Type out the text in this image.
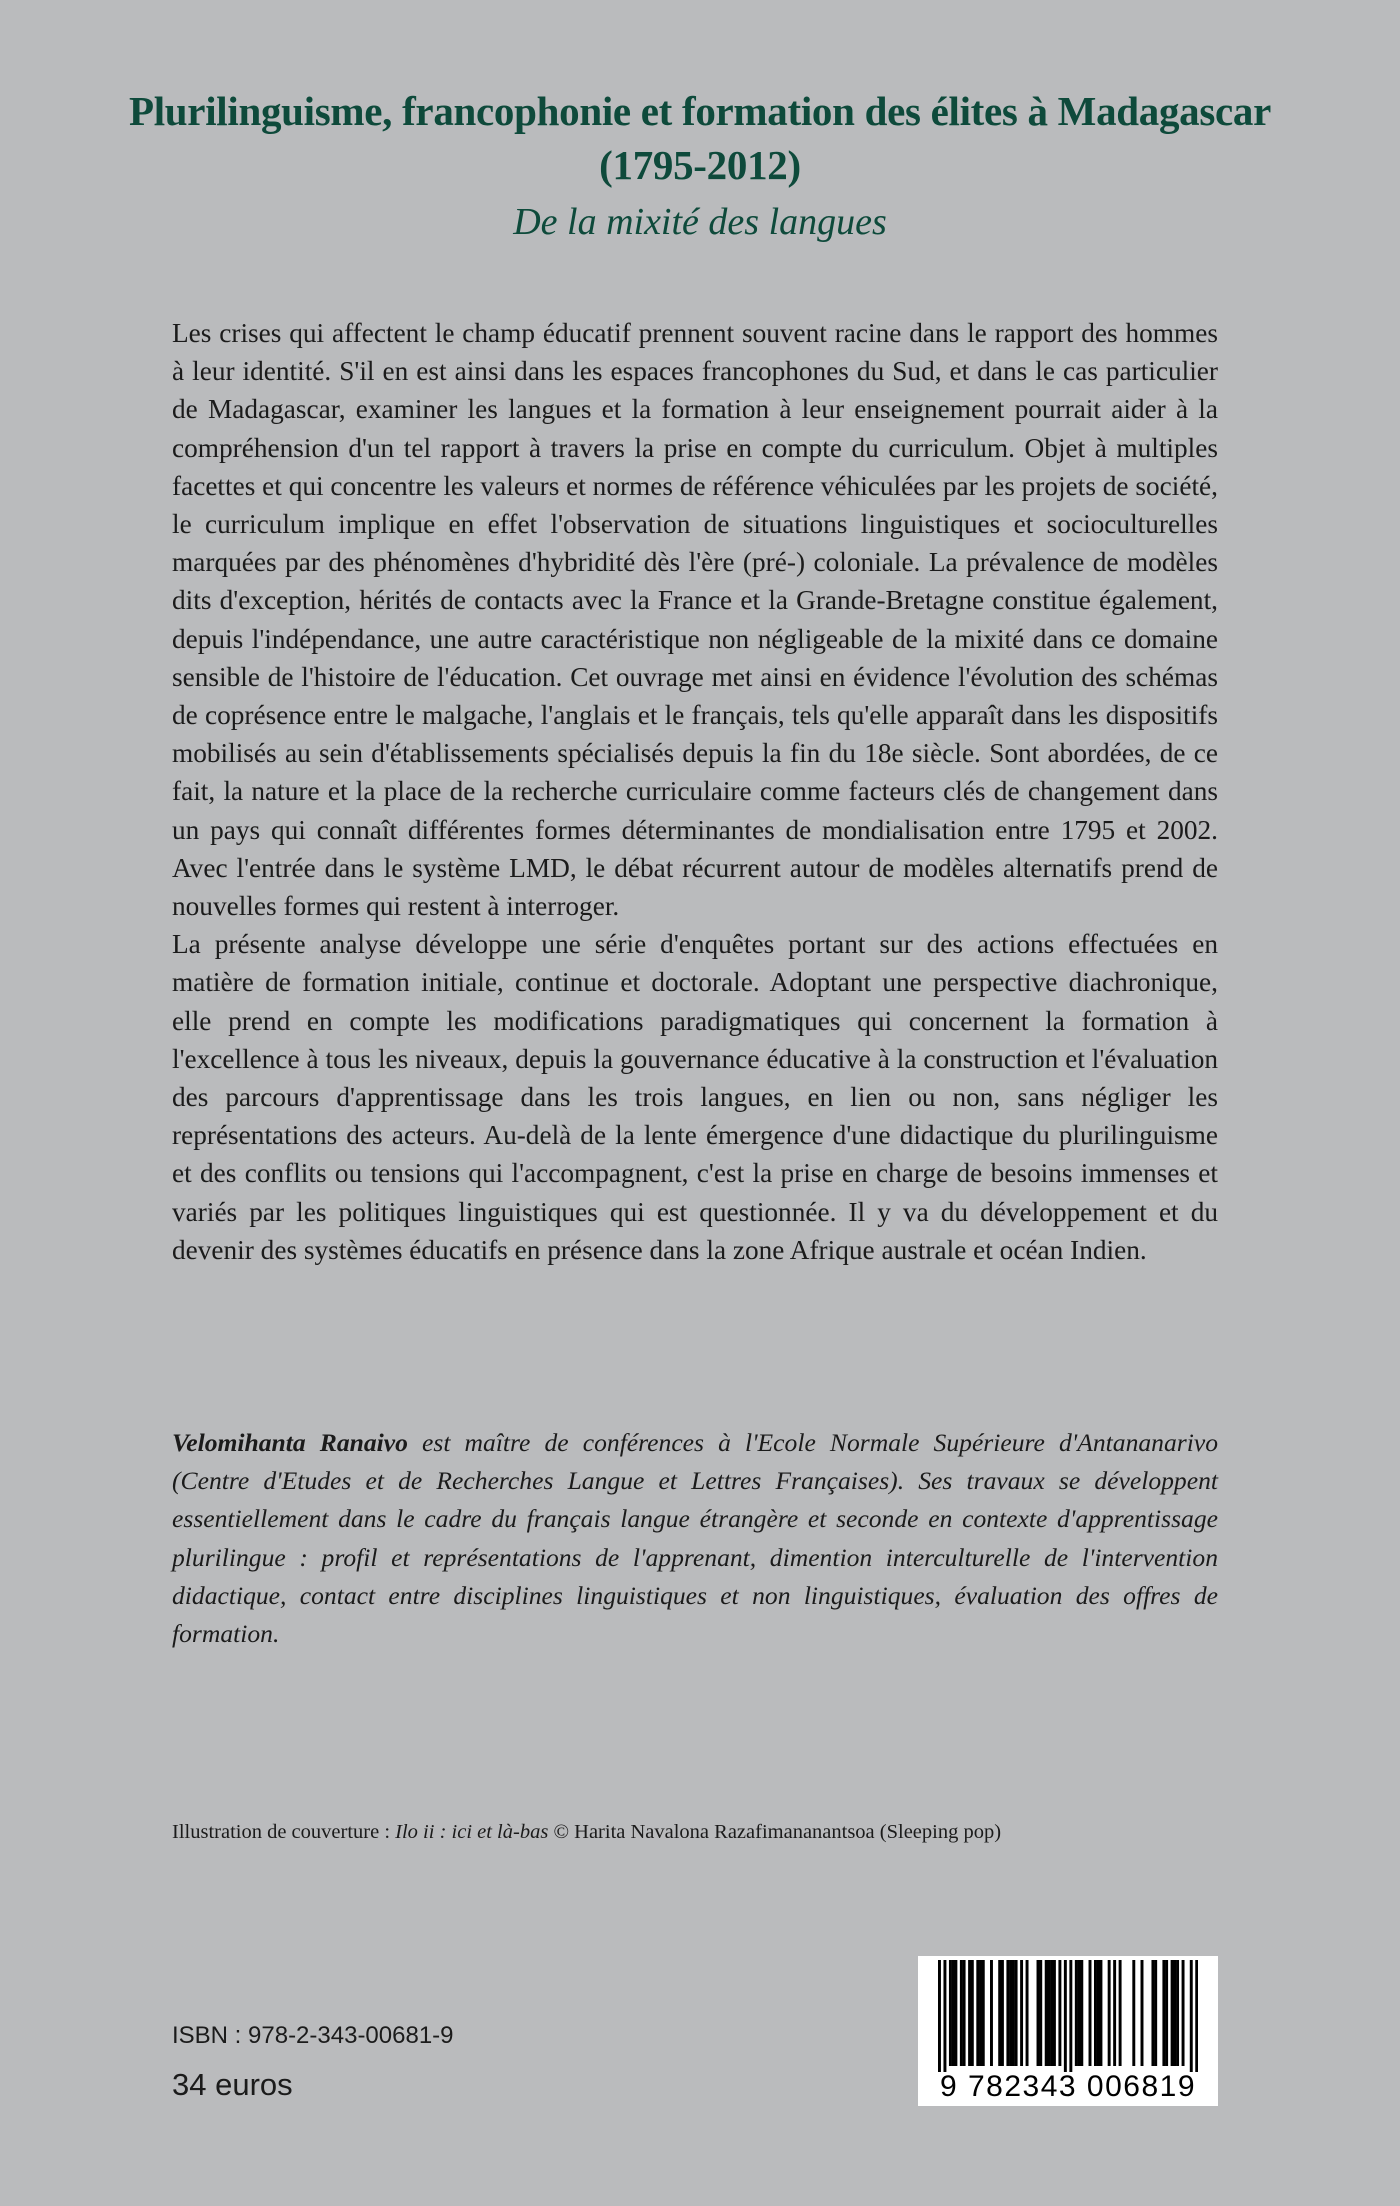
Plurilinguisme, francophonie et formation des élites à Madagascar
(1795-2012)

De la mixité des langues

Les crises qui affectent le champ éducatif prennent souvent racine dans le rapport des hommes à leur identité. S'il en est ainsi dans les espaces francophones du Sud, et dans le cas particulier de Madagascar, examiner les langues et la formation à leur enseignement pourrait aider à la compréhension d'un tel rapport à travers la prise en compte du curriculum. Objet à multiples facettes et qui concentre les valeurs et normes de référence véhiculées par les projets de société, le curriculum implique en effet l'observation de situations linguistiques et socioculturelles marquées par des phénomènes d'hybridité dès l'ère (pré-) coloniale. La prévalence de modèles dits d'exception, hérités de contacts avec la France et la Grande-Bretagne constitue également, depuis l'indépendance, une autre caractéristique non négligeable de la mixité dans ce domaine sensible de l'histoire de l'éducation. Cet ouvrage met ainsi en évidence l'évolution des schémas de coprésence entre le malgache, l'anglais et le français, tels qu'elle apparaît dans les dispositifs mobilisés au sein d'établissements spécialisés depuis la fin du 18e siècle. Sont abordées, de ce fait, la nature et la place de la recherche curriculaire comme facteurs clés de changement dans un pays qui connaît différentes formes déterminantes de mondialisation entre 1795 et 2002. Avec l'entrée dans le système LMD, le débat récurrent autour de modèles alternatifs prend de nouvelles formes qui restent à interroger.

La présente analyse développe une série d'enquêtes portant sur des actions effectuées en matière de formation initiale, continue et doctorale. Adoptant une perspective diachronique, elle prend en compte les modifications paradigmatiques qui concernent la formation à l'excellence à tous les niveaux, depuis la gouvernance éducative à la construction et l'évaluation des parcours d'apprentissage dans les trois langues, en lien ou non, sans négliger les représentations des acteurs. Au-delà de la lente émergence d'une didactique du plurilinguisme et des conflits ou tensions qui l'accompagnent, c'est la prise en charge de besoins immenses et variés par les politiques linguistiques qui est questionnée. Il y va du développement et du devenir des systèmes éducatifs en présence dans la zone Afrique australe et océan Indien.

Velomihanta Ranaivo est maître de conférences à l'Ecole Normale Supérieure d'Antananarivo (Centre d'Etudes et de Recherches Langue et Lettres Françaises). Ses travaux se développent essentiellement dans le cadre du français langue étrangère et seconde en contexte d'apprentissage plurilingue : profil et représentations de l'apprenant, dimention interculturelle de l'intervention didactique, contact entre disciplines linguistiques et non linguistiques, évaluation des offres de formation.
Illustration de couverture : Ilo ii : ici et là-bas © Harita Navalona Razafimananantsoa (Sleeping pop)
ISBN : 978-2-343-00681-9
34 euros	9 782343 006819
